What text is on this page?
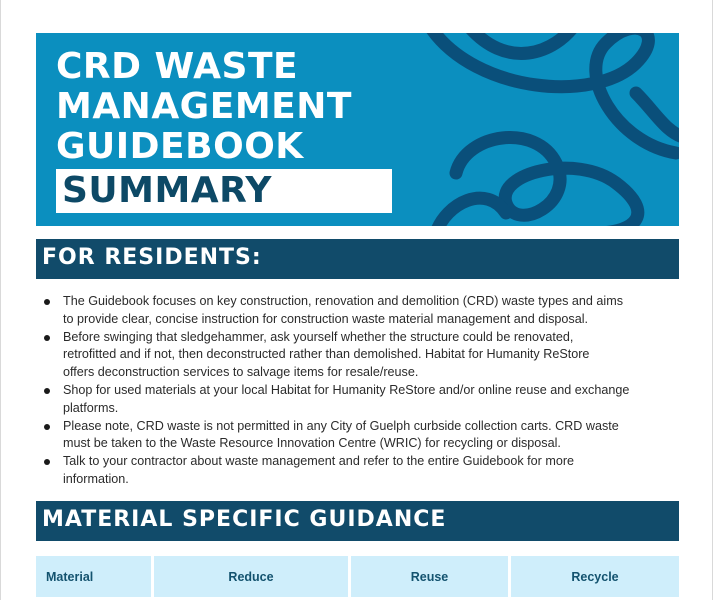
CRD WASTE
MANAGEMENT
GUIDEBOOK
SUMMARY
FOR RESIDENTS:
The Guidebook focuses on key construction, renovation and demolition (CRD) waste types and aims
to provide clear, concise instruction for construction waste material management and disposal.
Before swinging that sledgehammer, ask yourself whether the structure could be renovated,
retrofitted and if not, then deconstructed rather than demolished. Habitat for Humanity ReStore
offers deconstruction services to salvage items for resale/reuse.
Shop for used materials at your local Habitat for Humanity ReStore and/or online reuse and exchange
platforms.
Please note, CRD waste is not permitted in any City of Guelph curbside collection carts. CRD waste
must be taken to the Waste Resource Innovation Centre (WRIC) for recycling or disposal.
Talk to your contractor about waste management and refer to the entire Guidebook for more
information.
MATERIAL SPECIFIC GUIDANCE
Material	Reduce	Reuse	Recycle
